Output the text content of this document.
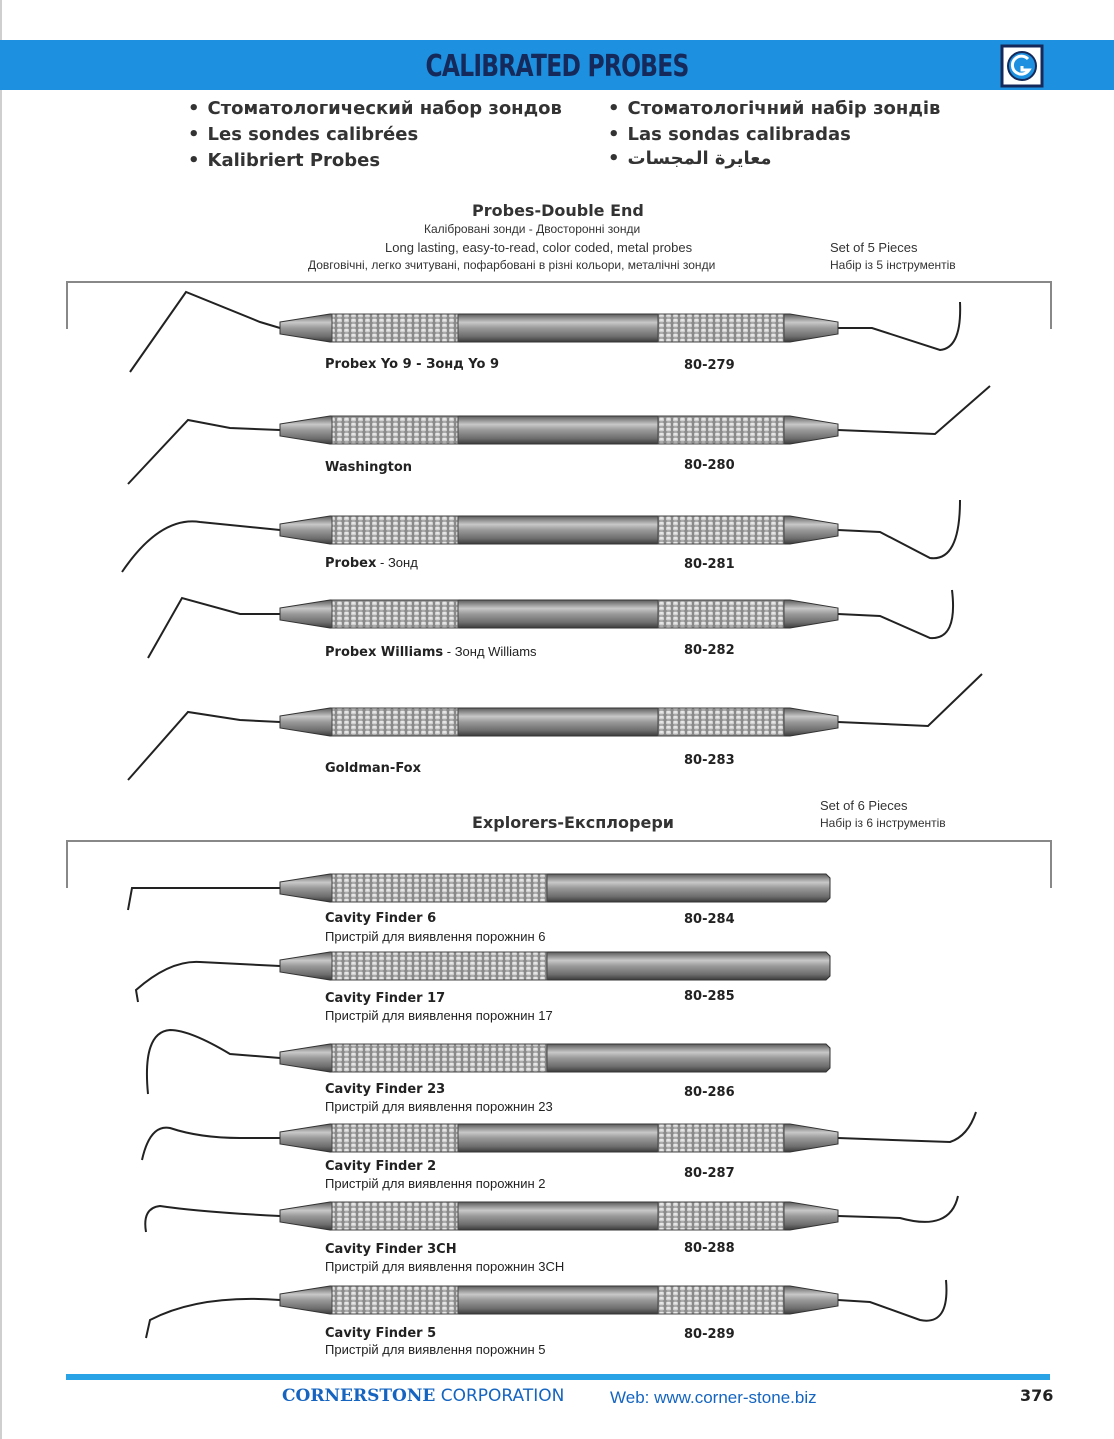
CALIBRATED PROBES
• Стоматологический набор зондов
• Les sondes calibrées
• Kalibriert Probes
• Стоматологічний набір зондів
• Las sondas calibradas
• معايرة المجسات
Probes-Double End
Калібровані зонди - Двосторонні зонди
Long lasting, easy-to-read, color coded, metal probes
Довговічні, легко зчитувані, пофарбовані в різні кольори, металічні зонди
Set of 5 Pieces
Набір із 5 інструментів
Explorers-Експлорери
Set of 6 Pieces
Набір із 6 інструментів
Probex Yo 9 - Зонд Yo 9	80-279
Washington	80-280
Probex - Зонд	80-281
Probex Williams - Зонд Williams	80-282
Goldman-Fox
80-283
Cavity Finder 6
Пристрій для виявлення порожнин 6
80-284
Cavity Finder 17
Пристрій для виявлення порожнин 17
80-285
Cavity Finder 23
Пристрій для виявлення порожнин 23
80-286
Cavity Finder 2
Пристрій для виявлення порожнин 2
80-287
Cavity Finder 3CH
Пристрій для виявлення порожнин 3CH
80-288
Cavity Finder 5
Пристрій для виявлення порожнин 5
80-289
CORNERSTONE CORPORATION	Web: www.corner-stone.biz	376
